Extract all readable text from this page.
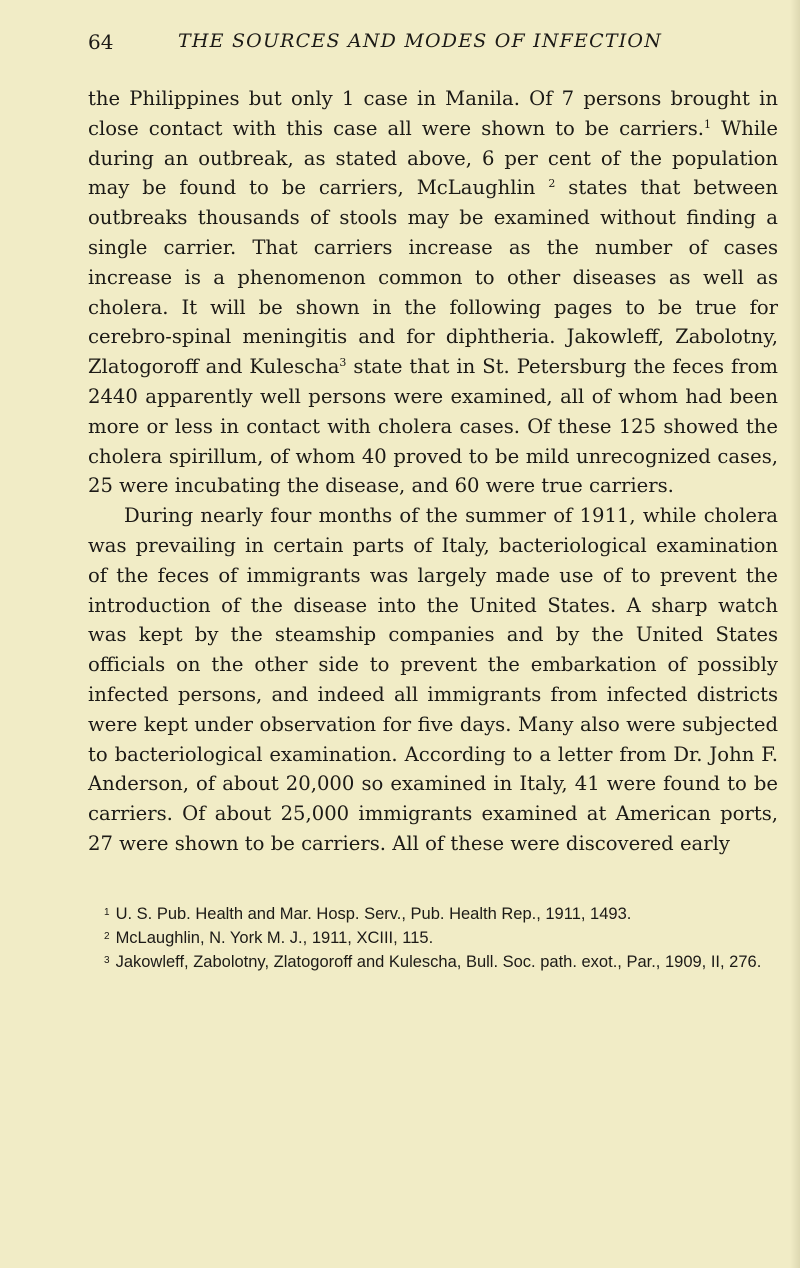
64	THE SOURCES AND MODES OF INFECTION

the Philippines but only 1 case in Manila. Of 7 persons brought in close contact with this case all were shown to be carriers.$^1$ While during an outbreak, as stated above, 6 per cent of the population may be found to be carriers, McLaughlin $^2$ states that between outbreaks thousands of stools may be examined without finding a single carrier. That carriers increase as the number of cases increase is a phenomenon common to other diseases as well as cholera. It will be shown in the following pages to be true for cerebro-spinal meningitis and for diphtheria. Jakowleff, Zabolotny, Zlatogoroff and Kulescha$^3$ state that in St. Petersburg the feces from 2440 apparently well persons were examined, all of whom had been more or less in contact with cholera cases. Of these 125 showed the cholera spirillum, of whom 40 proved to be mild unrecognized cases, 25 were incubating the disease, and 60 were true carriers.

During nearly four months of the summer of 1911, while cholera was prevailing in certain parts of Italy, bacteriological examination of the feces of immigrants was largely made use of to prevent the introduction of the disease into the United States. A sharp watch was kept by the steamship companies and by the United States officials on the other side to prevent the embarkation of possibly infected persons, and indeed all immigrants from infected districts were kept under observation for five days. Many also were subjected to bacteriological examination. According to a letter from Dr. John F. Anderson, of about 20,000 so examined in Italy, 41 were found to be carriers. Of about 25,000 immigrants examined at American ports, 27 were shown to be carriers. All of these were discovered early

$^1$ U. S. Pub. Health and Mar. Hosp. Serv., Pub. Health Rep., 1911, 1493.

$^2$ McLaughlin, N. York M. J., 1911, XCIII, 115.

$^3$ Jakowleff, Zabolotny, Zlatogoroff and Kulescha, Bull. Soc. path. exot., Par., 1909, II, 276.
